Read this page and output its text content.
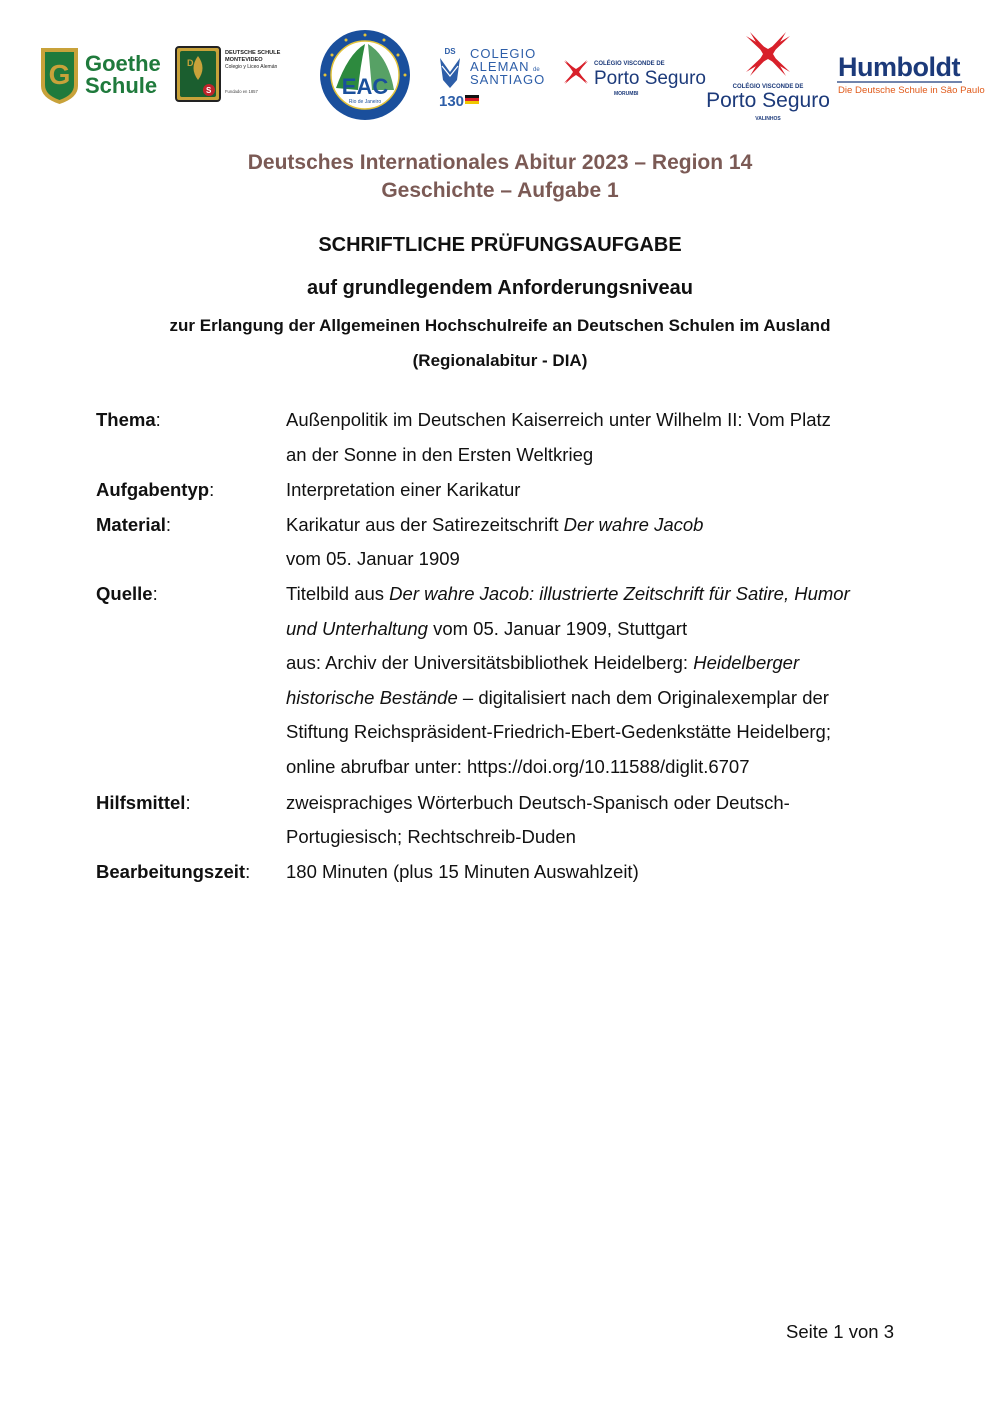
G Goethe
Schule
D
S
DEUTSCHE SCHULE
MONTEVIDEO
Colegio y Liceo Alemán
Fundado en 1857	EAC
Rio de Janeiro
DS COLEGIO
ALEMAN de
SANTIAGO
130
COLÉGIO VISCONDE DE
Porto Seguro
MORUMBI
COLÉGIO VISCONDE DE
Porto Seguro
VALINHOS
Humboldt
Die Deutsche Schule in São Paulo
Deutsches Internationales Abitur 2023 – Region 14
Geschichte – Aufgabe 1
SCHRIFTLICHE PRÜFUNGSAUFGABE
auf grundlegendem Anforderungsniveau
zur Erlangung der Allgemeinen Hochschulreife an Deutschen Schulen im Ausland
(Regionalabitur - DIA)
Thema:	Außenpolitik im Deutschen Kaiserreich unter Wilhelm II: Vom Platz
an der Sonne in den Ersten Weltkrieg
Aufgabentyp:	Interpretation einer Karikatur
Material:	Karikatur aus der Satirezeitschrift Der wahre Jacob
vom 05. Januar 1909
Quelle:	Titelbild aus Der wahre Jacob: illustrierte Zeitschrift für Satire, Humor
und Unterhaltung vom 05. Januar 1909, Stuttgart
aus: Archiv der Universitätsbibliothek Heidelberg: Heidelberger
historische Bestände – digitalisiert nach dem Originalexemplar der
Stiftung Reichspräsident-Friedrich-Ebert-Gedenkstätte Heidelberg;
online abrufbar unter: https://doi.org/10.11588/diglit.6707
Hilfsmittel:	zweisprachiges Wörterbuch Deutsch-Spanisch oder Deutsch-
Portugiesisch; Rechtschreib-Duden
Bearbeitungszeit: 180 Minuten (plus 15 Minuten Auswahlzeit)
Seite 1 von 3
